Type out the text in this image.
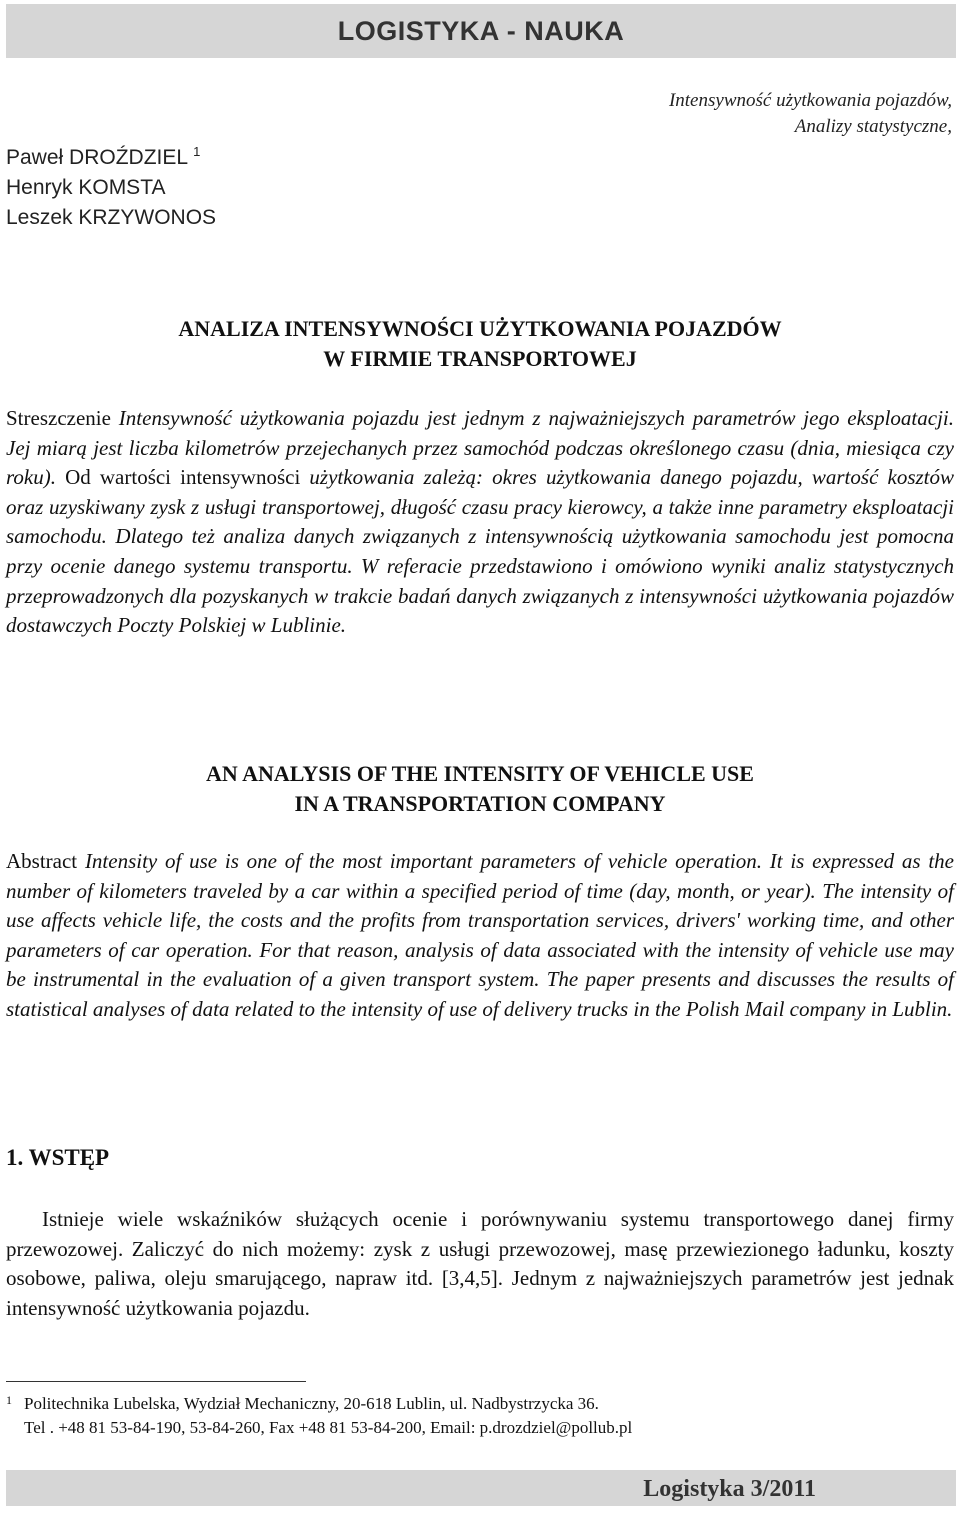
LOGISTYKA - NAUKA
Intensywność użytkowania pojazdów,
Analizy statystyczne,
Paweł DROŹDZIEL $^1$
Henryk KOMSTA
Leszek KRZYWONOS
ANALIZA INTENSYWNOŚCI UŻYTKOWANIA POJAZDÓW
W FIRMIE TRANSPORTOWEJ
Streszczenie Intensywność użytkowania pojazdu jest jednym z najważniejszych parametrów jego eksploatacji. Jej miarą jest liczba kilometrów przejechanych przez samochód podczas określonego czasu (dnia, miesiąca czy roku). Od wartości intensywności użytkowania zależą: okres użytkowania danego pojazdu, wartość kosztów oraz uzyskiwany zysk z usługi transportowej, długość czasu pracy kierowcy, a także inne parametry eksploatacji samochodu. Dlatego też analiza danych związanych z intensywnością użytkowania samochodu jest pomocna przy ocenie danego systemu transportu. W referacie przedstawiono i omówiono wyniki analiz statystycznych przeprowadzonych dla pozyskanych w trakcie badań danych związanych z intensywności użytkowania pojazdów dostawczych Poczty Polskiej w Lublinie.
AN ANALYSIS OF THE INTENSITY OF VEHICLE USE
IN A TRANSPORTATION COMPANY
Abstract Intensity of use is one of the most important parameters of vehicle operation. It is expressed as the number of kilometers traveled by a car within a specified period of time (day, month, or year). The intensity of use affects vehicle life, the costs and the profits from transportation services, drivers' working time, and other parameters of car operation. For that reason, analysis of data associated with the intensity of vehicle use may be instrumental in the evaluation of a given transport system. The paper presents and discusses the results of statistical analyses of data related to the intensity of use of delivery trucks in the Polish Mail company in Lublin.
1. WSTĘP
Istnieje wiele wskaźników służących ocenie i porównywaniu systemu transportowego danej firmy przewozowej. Zaliczyć do nich możemy: zysk z usługi przewozowej, masę przewiezionego ładunku, koszty osobowe, paliwa, oleju smarującego, napraw itd. [3,4,5]. Jednym z najważniejszych parametrów jest jednak intensywność użytkowania pojazdu.
1 Politechnika Lubelska, Wydział Mechaniczny, 20-618 Lublin, ul. Nadbystrzycka 36.
Tel . +48 81 53-84-190, 53-84-260, Fax +48 81 53-84-200, Email: p.drozdziel@pollub.pl
Logistyka 3/2011
